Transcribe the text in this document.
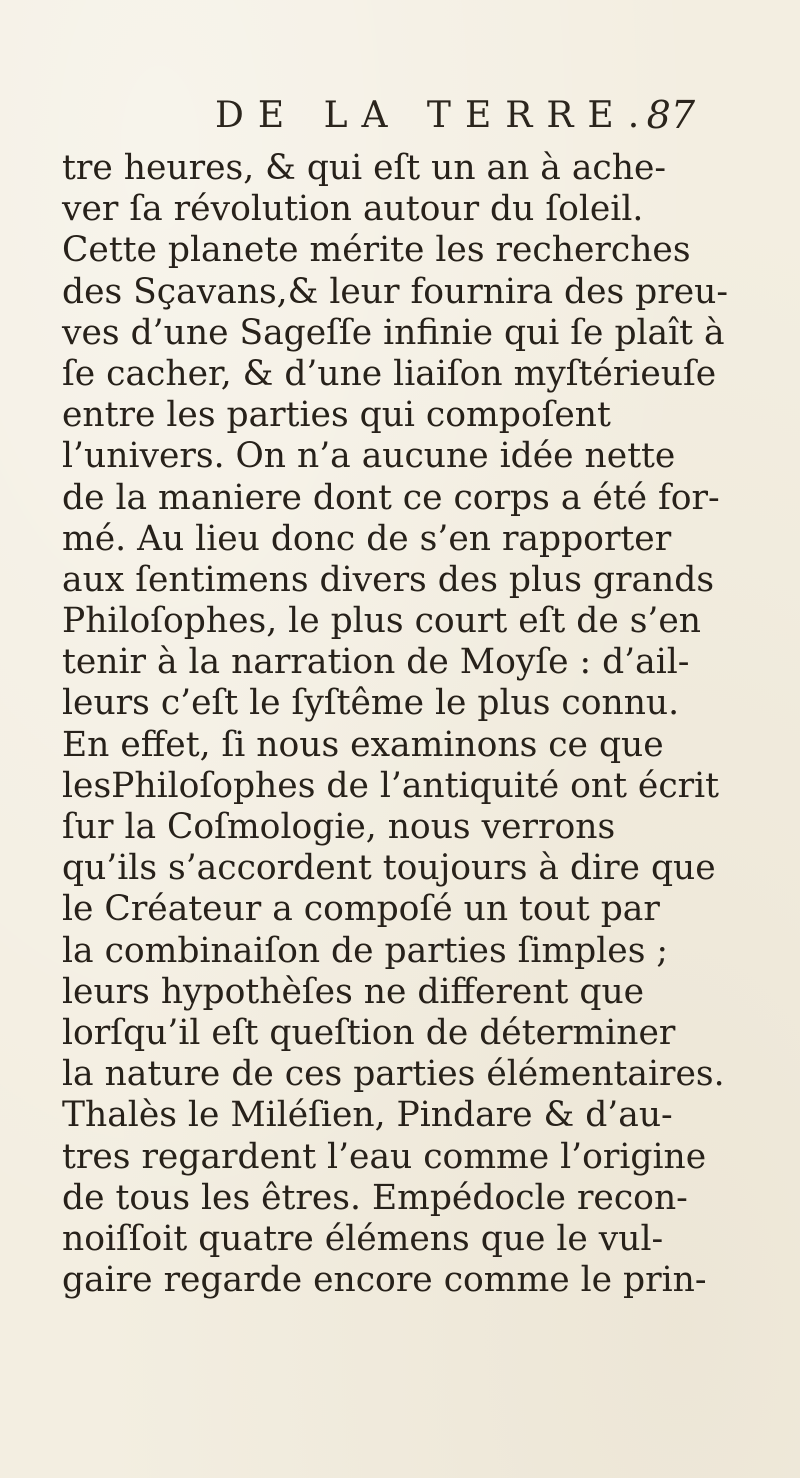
DE LA TERRE.
87
tre heures, & qui eſt un an à ache-
ver ſa révolution autour du ſoleil.
Cette planete mérite les recherches
des Sçavans,& leur fournira des preu-
ves d’une Sageſſe infinie qui ſe plaît à
ſe cacher, & d’une liaiſon myſtérieuſe
entre les parties qui compoſent
l’univers. On n’a aucune idée nette
de la maniere dont ce corps a été for-
mé. Au lieu donc de s’en rapporter
aux ſentimens divers des plus grands
Philoſophes, le plus court eſt de s’en
tenir à la narration de Moyſe : d’ail-
leurs c’eſt le ſyſtême le plus connu.
En effet, ſi nous examinons ce que
lesPhiloſophes de l’antiquité ont écrit
ſur la Coſmologie, nous verrons
qu’ils s’accordent toujours à dire que
le Créateur a compoſé un tout par
la combinaiſon de parties ſimples ;
leurs hypothèſes ne different que
lorſqu’il eſt queſtion de déterminer
la nature de ces parties élémentaires.
Thalès le Miléſien, Pindare & d’au-
tres regardent l’eau comme l’origine
de tous les êtres. Empédocle recon-
noiſſoit quatre élémens que le vul-
gaire regarde encore comme le prin-
